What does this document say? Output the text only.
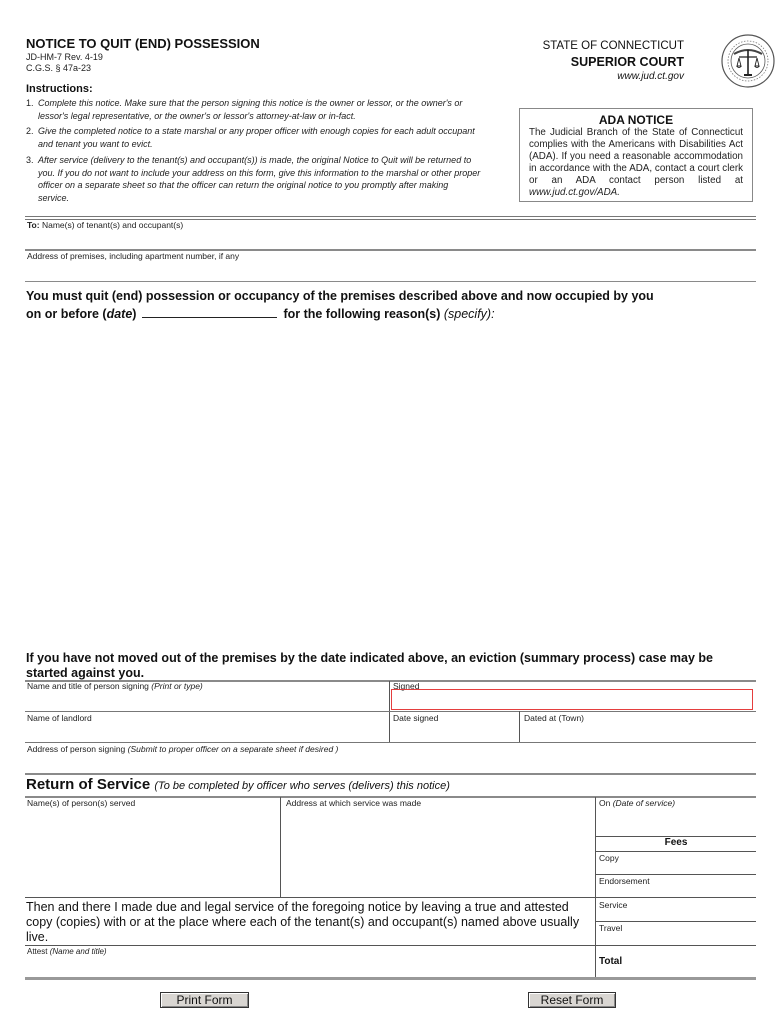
NOTICE TO QUIT (END) POSSESSION
JD-HM-7 Rev. 4-19
C.G.S. § 47a-23
STATE OF CONNECTICUT
SUPERIOR COURT
www.jud.ct.gov
Instructions:
1. Complete this notice. Make sure that the person signing this notice is the owner or lessor, or the owner's or lessor's legal representative, or the owner's or lessor's attorney-at-law or in-fact.
2. Give the completed notice to a state marshal or any proper officer with enough copies for each adult occupant and tenant you want to evict.
3. After service (delivery to the tenant(s) and occupant(s)) is made, the original Notice to Quit will be returned to you. If you do not want to include your address on this form, give this information to the marshal or other proper officer on a separate sheet so that the officer can return the original notice to you promptly after making service.
ADA NOTICE
The Judicial Branch of the State of Connecticut complies with the Americans with Disabilities Act (ADA). If you need a reasonable accommodation in accordance with the ADA, contact a court clerk or an ADA contact person listed at www.jud.ct.gov/ADA.
To: Name(s) of tenant(s) and occupant(s)
Address of premises, including apartment number, if any
You must quit (end) possession or occupancy of the premises described above and now occupied by you
on or before (date)	for the following reason(s) (specify):
If you have not moved out of the premises by the date indicated above, an eviction (summary process) case may be started against you.
Name and title of person signing (Print or type)	Signed
Name of landlord	Date signed	Dated at (Town)
Address of person signing (Submit to proper officer on a separate sheet if desired )
Return of Service (To be completed by officer who serves (delivers) this notice)
Name(s) of person(s) served	Address at which service was made	On (Date of service)
Fees
Copy
Endorsement
Service
Travel
Then and there I made due and legal service of the foregoing notice by leaving a true and attested copy (copies) with or at the place where each of the tenant(s) and occupant(s) named above usually live.
Attest (Name and title)
Total
Print Form	Reset Form
